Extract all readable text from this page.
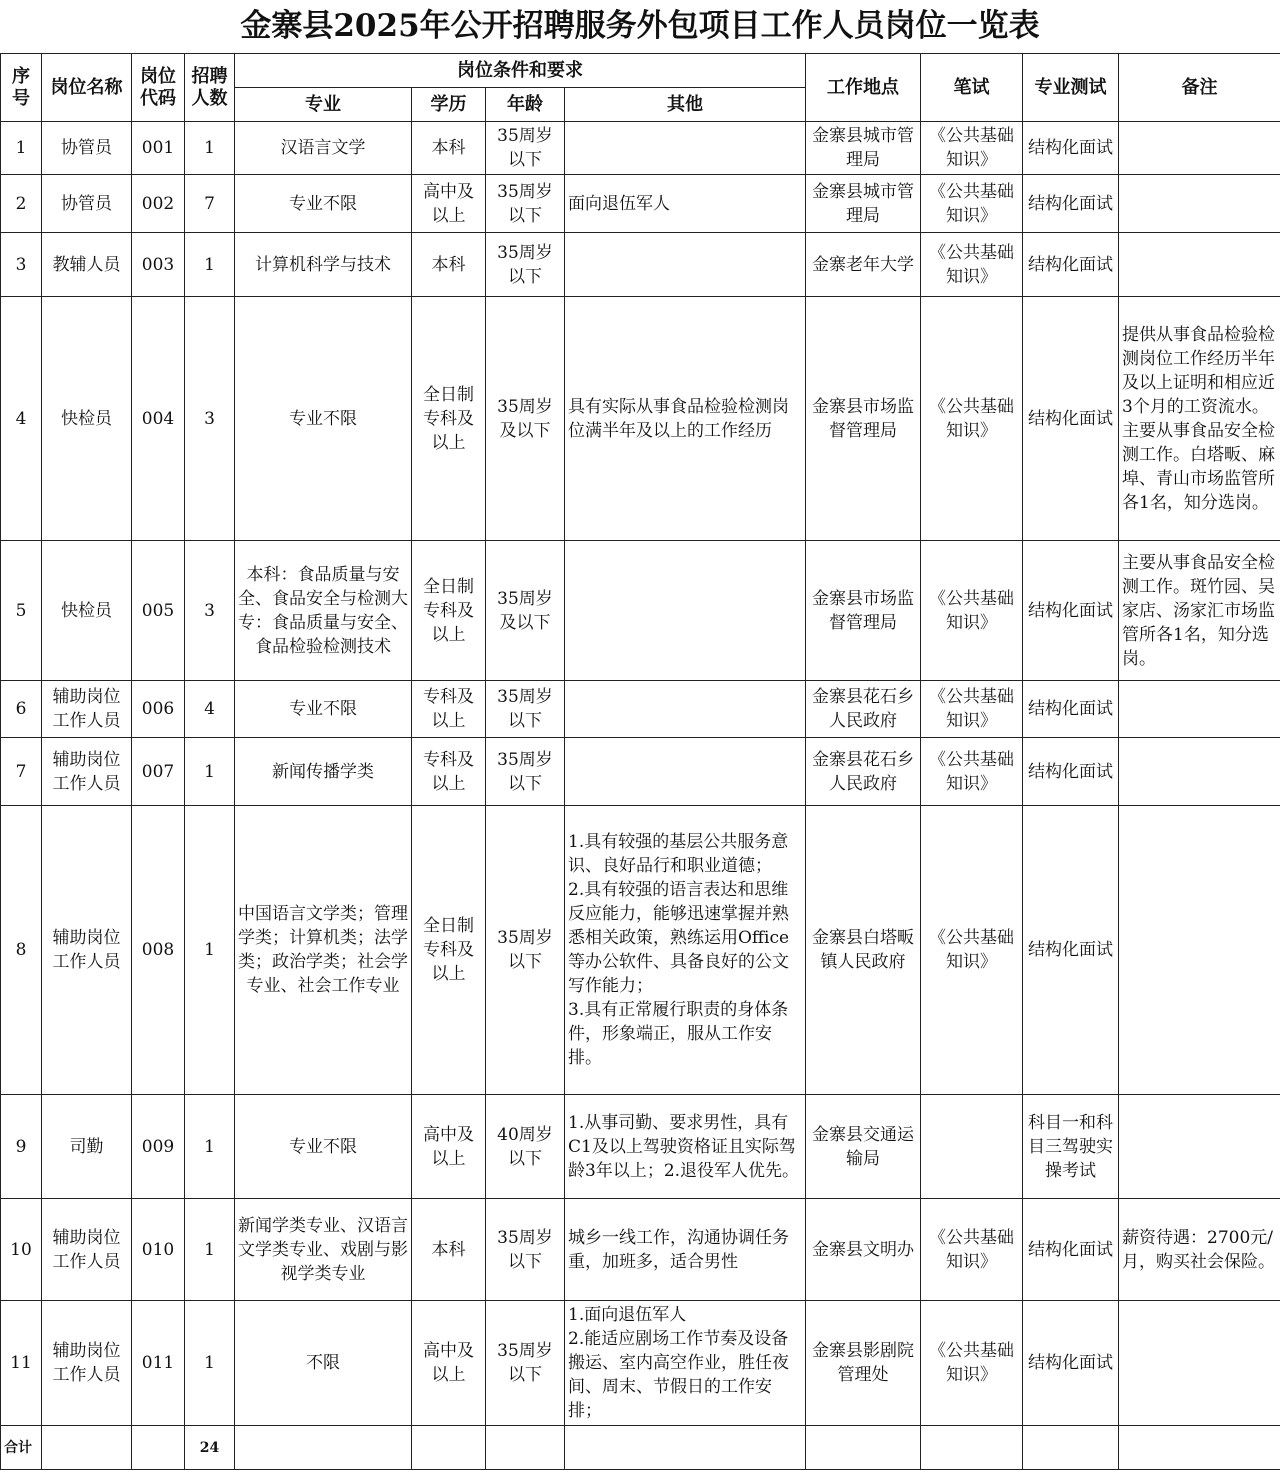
金寨县2025年公开招聘服务外包项目工作人员岗位一览表
序号	岗位名称	岗位代码	招聘人数	岗位条件和要求				工作地点	笔试	专业测试	备注
				专业	学历	年龄	其他				
1	协管员	001	1	汉语言文学	本科	35周岁以下		金寨县城市管理局	《公共基础知识》	结构化面试	
2	协管员	002	7	专业不限	高中及以上	35周岁以下	面向退伍军人	金寨县城市管理局	《公共基础知识》	结构化面试	
3	教辅人员	003	1	计算机科学与技术	本科	35周岁以下		金寨老年大学	《公共基础知识》	结构化面试	
4	快检员	004	3	专业不限	全日制专科及以上	35周岁及以下	具有实际从事食品检验检测岗位满半年及以上的工作经历	金寨县市场监督管理局	《公共基础知识》	结构化面试	提供从事食品检验检测岗位工作经历半年及以上证明和相应近3个月的工资流水。主要从事食品安全检测工作。白塔畈、麻埠、青山市场监管所各1名，知分选岗。
5	快检员	005	3	本科：食品质量与安全、食品安全与检测大专：食品质量与安全、食品检验检测技术	全日制专科及以上	35周岁及以下		金寨县市场监督管理局	《公共基础知识》	结构化面试	主要从事食品安全检测工作。斑竹园、吴家店、汤家汇市场监管所各1名，知分选岗。
6	辅助岗位工作人员	006	4	专业不限	专科及以上	35周岁以下		金寨县花石乡人民政府	《公共基础知识》	结构化面试	
7	辅助岗位工作人员	007	1	新闻传播学类	专科及以上	35周岁以下		金寨县花石乡人民政府	《公共基础知识》	结构化面试	
8	辅助岗位工作人员	008	1	中国语言文学类；管理学类；计算机类；法学类；政治学类；社会学专业、社会工作专业	全日制专科及以上	35周岁以下	1.具有较强的基层公共服务意识、良好品行和职业道德；
2.具有较强的语言表达和思维反应能力，能够迅速掌握并熟悉相关政策，熟练运用Office等办公软件、具备良好的公文写作能力；
3.具有正常履行职责的身体条件，形象端正，服从工作安排。	金寨县白塔畈镇人民政府	《公共基础知识》	结构化面试	
9	司勤	009	1	专业不限	高中及以上	40周岁以下	1.从事司勤、要求男性，具有C1及以上驾驶资格证且实际驾龄3年以上；2.退役军人优先。	金寨县交通运输局		科目一和科目三驾驶实操考试	
10	辅助岗位工作人员	010	1	新闻学类专业、汉语言文学类专业、戏剧与影视学类专业	本科	35周岁以下	城乡一线工作，沟通协调任务重，加班多，适合男性	金寨县文明办	《公共基础知识》	结构化面试	薪资待遇：2700元/月，购买社会保险。
11	辅助岗位工作人员	011	1	不限	高中及以上	35周岁以下	1.面向退伍军人
2.能适应剧场工作节奏及设备搬运、室内高空作业，胜任夜间、周末、节假日的工作安排；	金寨县影剧院管理处	《公共基础知识》	结构化面试	
合计			24								
